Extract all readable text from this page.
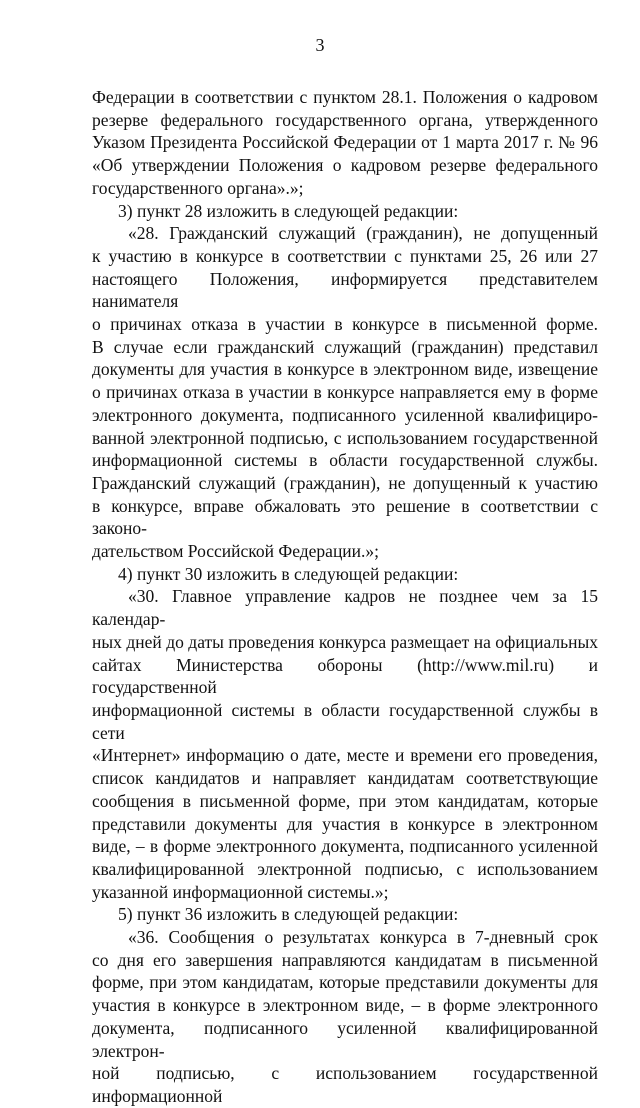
3

Федерации в соответствии с пунктом 28.1. Положения о кадровом

резерве федерального государственного органа, утвержденного

Указом Президента Российской Федерации от 1 марта 2017 г. № 96

«Об утверждении Положения о кадровом резерве федерального

государственного органа».»;

3) пункт 28 изложить в следующей редакции:

«28. Гражданский служащий (гражданин), не допущенный

к участию в конкурсе в соответствии с пунктами 25, 26 или 27

настоящего Положения, информируется представителем нанимателя

о причинах отказа в участии в конкурсе в письменной форме.

В случае если гражданский служащий (гражданин) представил

документы для участия в конкурсе в электронном виде, извещение

о причинах отказа в участии в конкурсе направляется ему в форме

электронного документа, подписанного усиленной квалифициро-

ванной электронной подписью, с использованием государственной

информационной системы в области государственной службы.

Гражданский служащий (гражданин), не допущенный к участию

в конкурсе, вправе обжаловать это решение в соответствии с законо-

дательством Российской Федерации.»;

4) пункт 30 изложить в следующей редакции:

«30. Главное управление кадров не позднее чем за 15 календар-

ных дней до даты проведения конкурса размещает на официальных

сайтах Министерства обороны (http://www.mil.ru) и государственной

информационной системы в области государственной службы в сети

«Интернет» информацию о дате, месте и времени его проведения,

список кандидатов и направляет кандидатам соответствующие

сообщения в письменной форме, при этом кандидатам, которые

представили документы для участия в конкурсе в электронном

виде, – в форме электронного документа, подписанного усиленной

квалифицированной электронной подписью, с использованием

указанной информационной системы.»;

5) пункт 36 изложить в следующей редакции:

«36. Сообщения о результатах конкурса в 7-дневный срок

со дня его завершения направляются кандидатам в письменной

форме, при этом кандидатам, которые представили документы для

участия в конкурсе в электронном виде, – в форме электронного

документа, подписанного усиленной квалифицированной электрон-

ной подписью, с использованием государственной информационной
